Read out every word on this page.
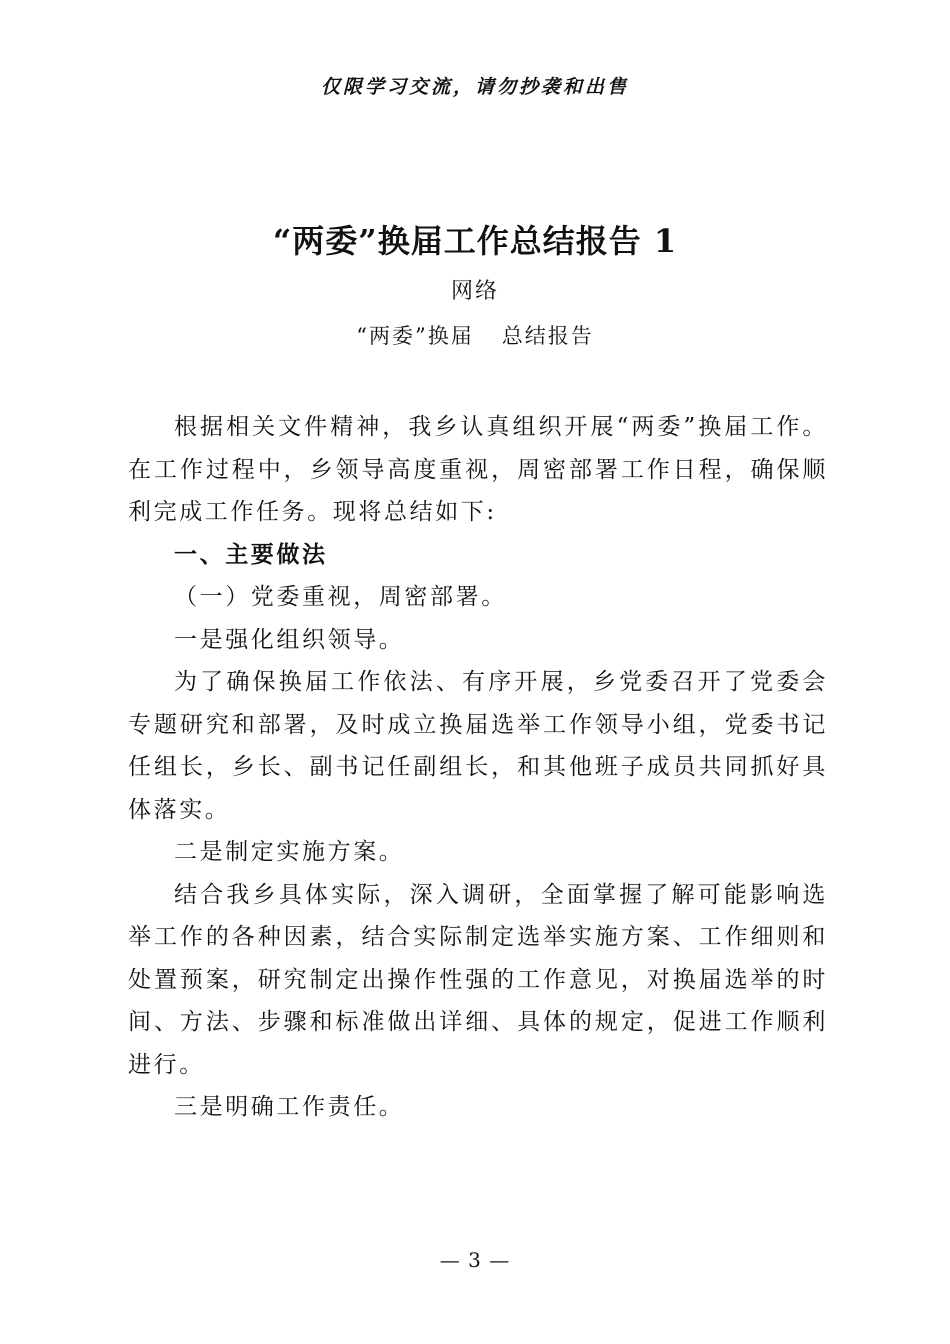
仅限学习交流，请勿抄袭和出售
“两委”换届工作总结报告 1
网络
“两委”换届 总结报告

根据相关文件精神，我乡认真组织开展“两委”换届工作。在工作过程中，乡领导高度重视，周密部署工作日程，确保顺利完成工作任务。现将总结如下:

一、主要做法

（一）党委重视，周密部署。

一是强化组织领导。

为了确保换届工作依法、有序开展，乡党委召开了党委会专题研究和部署，及时成立换届选举工作领导小组，党委书记任组长，乡长、副书记任副组长，和其他班子成员共同抓好具体落实。

二是制定实施方案。

结合我乡具体实际，深入调研，全面掌握了解可能影响选举工作的各种因素，结合实际制定选举实施方案、工作细则和处置预案，研究制定出操作性强的工作意见，对换届选举的时间、方法、步骤和标准做出详细、具体的规定，促进工作顺利进行。

三是明确工作责任。

— 3 —
